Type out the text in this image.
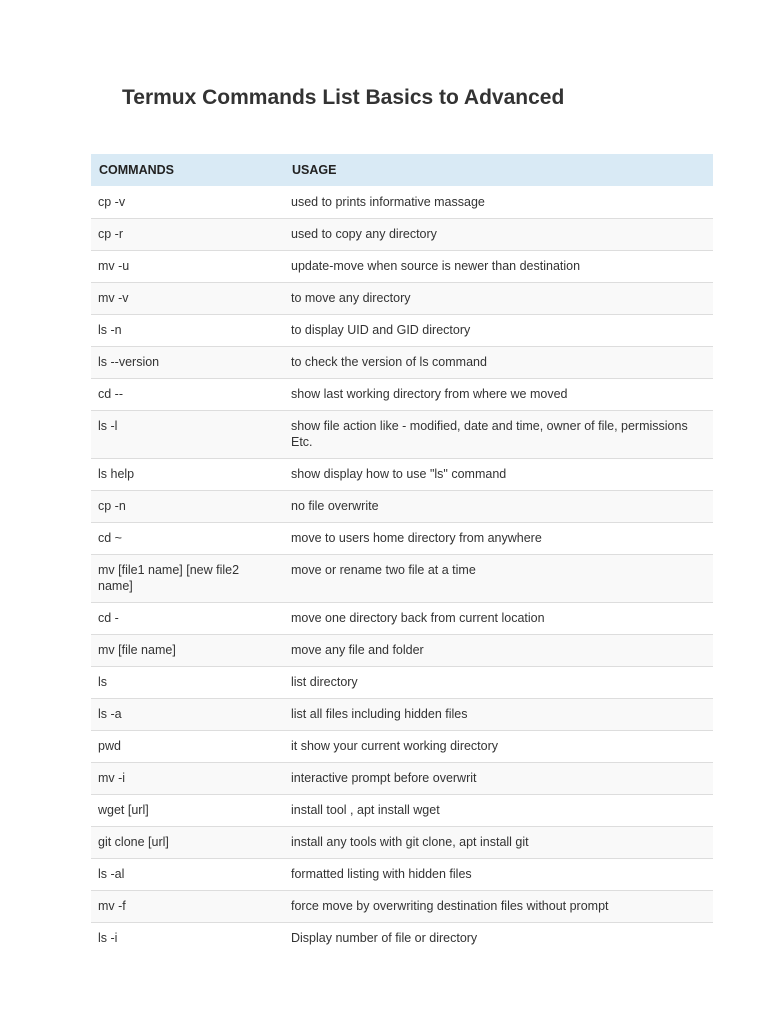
Termux Commands List Basics to Advanced
COMMANDS	USAGE
cp -v	used to prints informative massage
cp -r	used to copy any directory
mv -u	update-move when source is newer than destination
mv -v	to move any directory
ls -n	to display UID and GID directory
ls --version	to check the version of ls command
cd --	show last working directory from where we moved
ls -l	show file action like - modified, date and time, owner of file, permissions Etc.
ls help	show display how to use "ls" command
cp -n	no file overwrite
cd ~	move to users home directory from anywhere
mv [file1 name] [new file2 name]	move or rename two file at a time
cd -	move one directory back from current location
mv [file name]	move any file and folder
ls	list directory
ls -a	list all files including hidden files
pwd	it show your current working directory
mv -i	interactive prompt before overwrit
wget [url]	install tool , apt install wget
git clone [url]	install any tools with git clone, apt install git
ls -al	formatted listing with hidden files
mv -f	force move by overwriting destination files without prompt
ls -i	Display number of file or directory
